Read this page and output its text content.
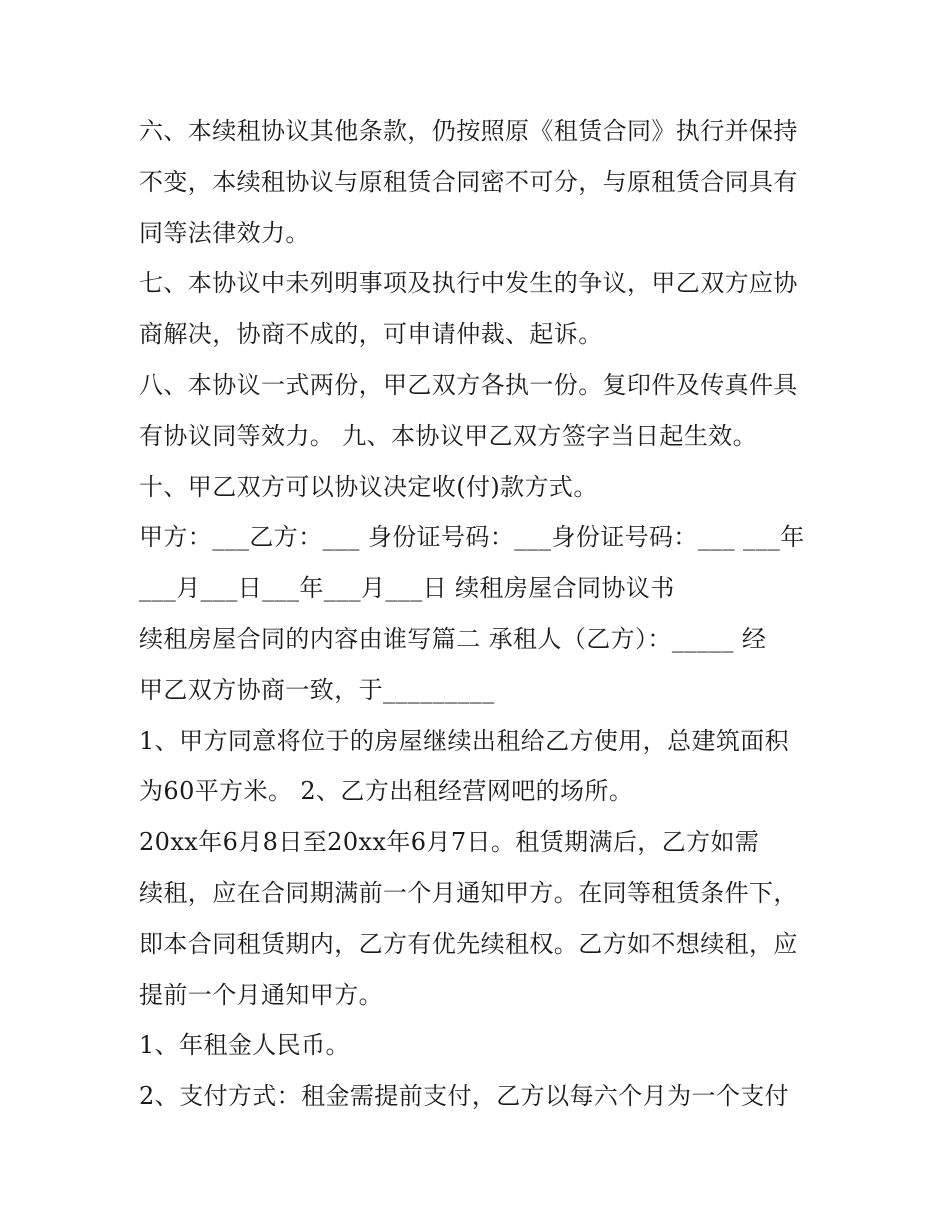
六、本续租协议其他条款，仍按照原《租赁合同》执行并保持
不变，本续租协议与原租赁合同密不可分，与原租赁合同具有
同等法律效力。
七、本协议中未列明事项及执行中发生的争议，甲乙双方应协
商解决，协商不成的，可申请仲裁、起诉。
八、本协议一式两份，甲乙双方各执一份。复印件及传真件具
有协议同等效力。 九、本协议甲乙双方签字当日起生效。
十、甲乙双方可以协议决定收(付)款方式。
甲方：___乙方：___ 身份证号码：___身份证号码：___ ___年
___月___日___年___月___日 续租房屋合同协议书
续租房屋合同的内容由谁写篇二 承租人（乙方）：_____ 经
甲乙双方协商一致，于_________
1、甲方同意将位于的房屋继续出租给乙方使用，总建筑面积
为60平方米。 2、乙方出租经营网吧的场所。
20xx年6月8日至20xx年6月7日。租赁期满后，乙方如需
续租，应在合同期满前一个月通知甲方。在同等租赁条件下，
即本合同租赁期内，乙方有优先续租权。乙方如不想续租，应
提前一个月通知甲方。
1、年租金人民币。
2、支付方式：租金需提前支付，乙方以每六个月为一个支付
